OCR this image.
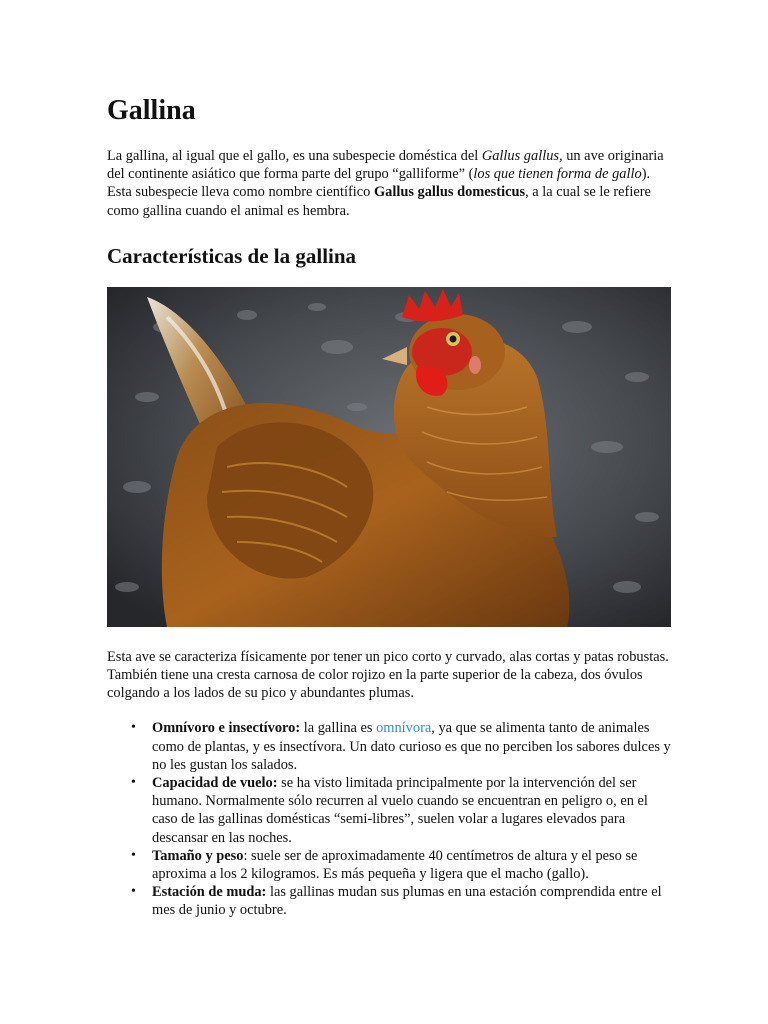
Gallina

La gallina, al igual que el gallo, es una subespecie doméstica del Gallus gallus, un ave originaria del continente asiático que forma parte del grupo “galliforme” (los que tienen forma de gallo). Esta subespecie lleva como nombre científico Gallus gallus domesticus, a la cual se le refiere como gallina cuando el animal es hembra.

Características de la gallina

Esta ave se caracteriza físicamente por tener un pico corto y curvado, alas cortas y patas robustas. También tiene una cresta carnosa de color rojizo en la parte superior de la cabeza, dos óvulos colgando a los lados de su pico y abundantes plumas.

• Omnívoro e insectívoro: la gallina es omnívora, ya que se alimenta tanto de animales como de plantas, y es insectívora. Un dato curioso es que no perciben los sabores dulces y no les gustan los salados.
• Capacidad de vuelo: se ha visto limitada principalmente por la intervención del ser humano. Normalmente sólo recurren al vuelo cuando se encuentran en peligro o, en el caso de las gallinas domésticas “semi-libres”, suelen volar a lugares elevados para descansar en las noches.
• Tamaño y peso: suele ser de aproximadamente 40 centímetros de altura y el peso se aproxima a los 2 kilogramos. Es más pequeña y ligera que el macho (gallo).
• Estación de muda: las gallinas mudan sus plumas en una estación comprendida entre el mes de junio y octubre.
